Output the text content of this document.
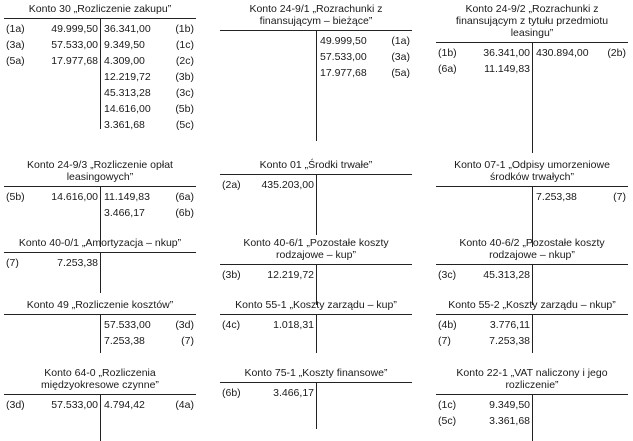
Konto 30 „Rozliczenie zakupu”
(1a)	49.999,50 36.341,00 (1b)
(3a)	57.533,00 9.349,50	(1c)
(5a)	17.977,68 4.309,00	(2c)
12.219,72 (3b)
45.313,28 (3c)
14.616,00 (5b)
3.361,68	(5c)
Konto 24-9/1 „Rozrachunki z finansującym – bieżące”
49.999,50 (1a)
57.533,00 (3a)
17.977,68 (5a)
Konto 24-9/2 „Rozrachunki z finansującym z tytułu przedmiotu leasingu”
(1b)	36.341,00 430.894,00 (2b)
(6a)	11.149,83
Konto 24-9/3 „Rozliczenie opłat leasingowych”
(5b)	14.616,00 11.149,83 (6a)
3.466,17	(6b)
Konto 01 „Środki trwałe”
(2a) 435.203,00
Konto 07-1 „Odpisy umorzeniowe środków trwałych”
7.253,38	(7)
Konto 40-0/1 „Amortyzacja – nkup”
(7)	7.253,38
Konto 40-6/1 „Pozostałe koszty rodzajowe – kup”
(3b)	12.219,72
Konto 40-6/2 „Pozostałe koszty rodzajowe – nkup”
(3c)	45.313,28
Konto 49 „Rozliczenie kosztów”
57.533,00 (3d)
7.253,38	(7)
Konto 55-1 „Koszty zarządu – kup”
(4c)	1.018,31
Konto 55-2 „Koszty zarządu – nkup”
(4b)	3.776,11
(7)	7.253,38
Konto 64-0 „Rozliczenia międzyokresowe czynne”
(3d)	57.533,00 4.794,42	(4a)
Konto 75-1 „Koszty finansowe”
(6b)	3.466,17
Konto 22-1 „VAT naliczony i jego rozliczenie”
(1c)	9.349,50
(5c)	3.361,68
